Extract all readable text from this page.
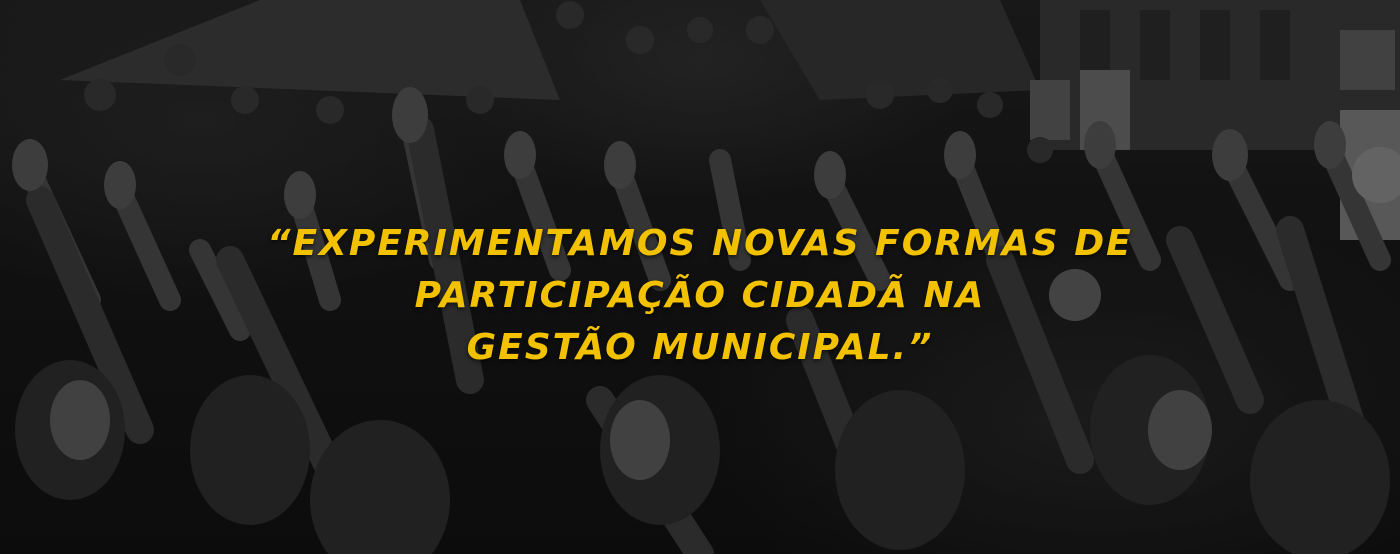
“EXPERIMENTAMOS NOVAS FORMAS DE
PARTICIPAÇÃO CIDADÃ NA
GESTÃO MUNICIPAL.”
